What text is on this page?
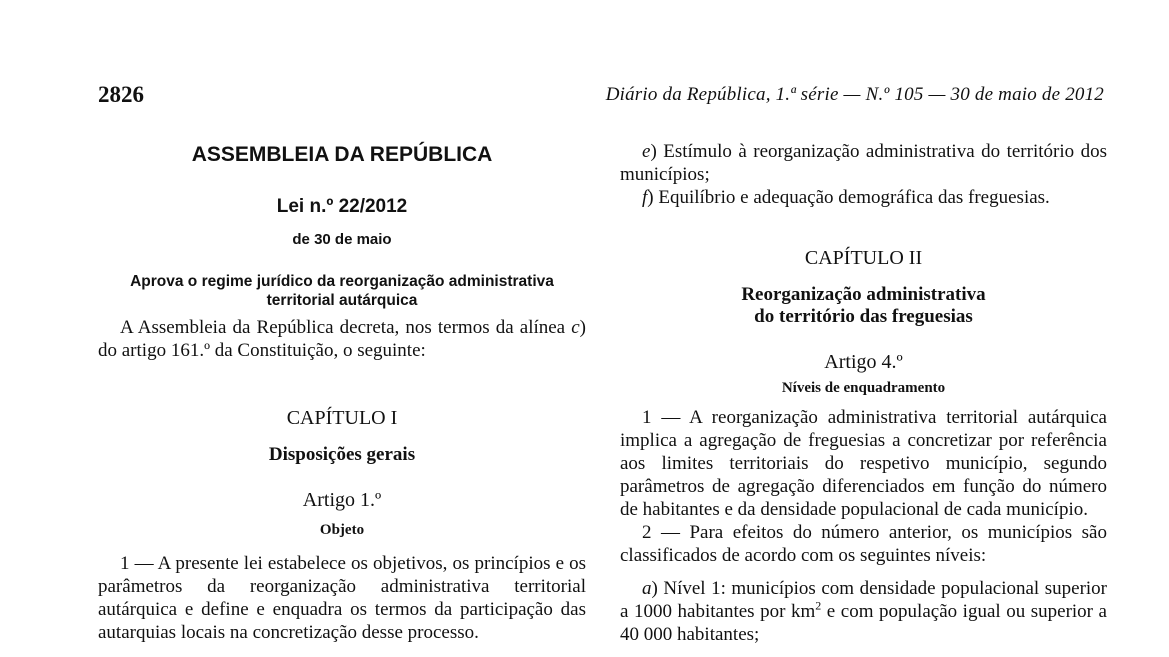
2826	Diário da República, 1.ª série — N.º 105 — 30 de maio de 2012
ASSEMBLEIA DA REPÚBLICA
Lei n.º 22/2012
de 30 de maio
Aprova o regime jurídico da reorganização administrativa
territorial autárquica

A Assembleia da República decreta, nos termos da alínea c) do artigo 161.º da Constituição, o seguinte:

CAPÍTULO I
Disposições gerais
Artigo 1.º
Objeto

1 — A presente lei estabelece os objetivos, os princípios e os parâmetros da reorganização administrativa territorial autárquica e define e enquadra os termos da participação das autarquias locais na concretização desse processo.

e) Estímulo à reorganização administrativa do território dos municípios;

f) Equilíbrio e adequação demográfica das freguesias.

CAPÍTULO II
Reorganização administrativa
do território das freguesias
Artigo 4.º
Níveis de enquadramento

1 — A reorganização administrativa territorial autárquica implica a agregação de freguesias a concretizar por referência aos limites territoriais do respetivo município, segundo parâmetros de agregação diferenciados em função do número de habitantes e da densidade populacional de cada município.

2 — Para efeitos do número anterior, os municípios são classificados de acordo com os seguintes níveis:

a) Nível 1: municípios com densidade populacional superior a 1000 habitantes por $km^2$ e com população igual ou superior a 40 000 habitantes;
